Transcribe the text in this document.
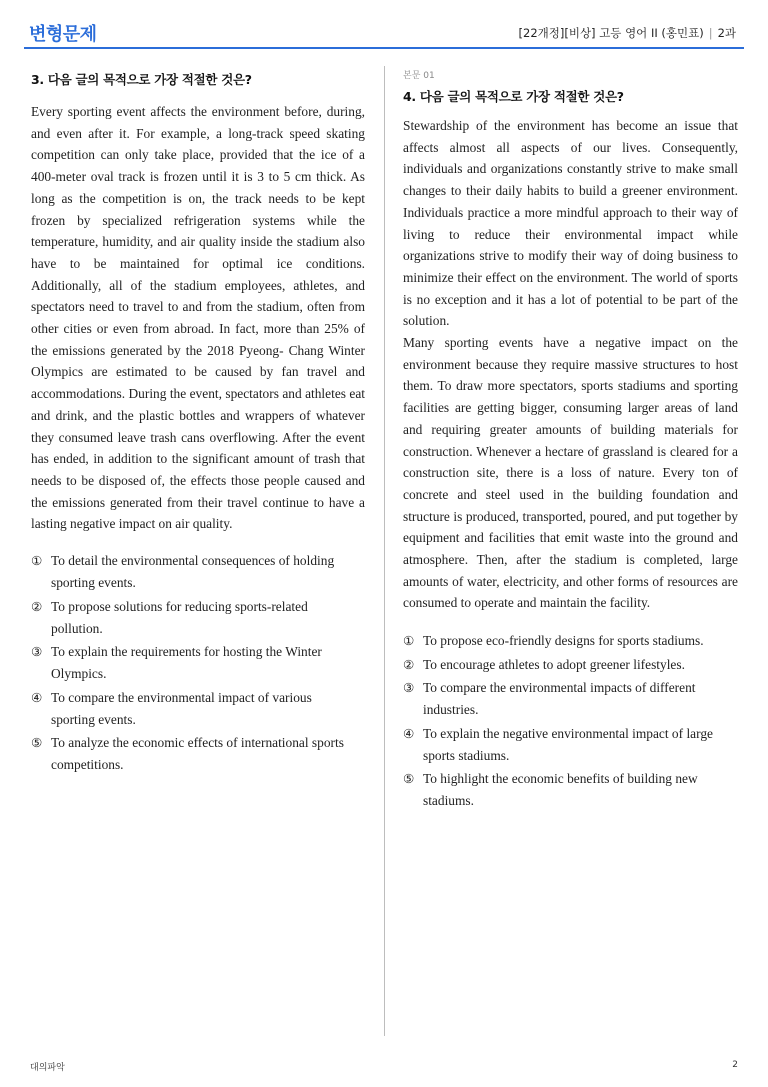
변형문제	[22개정][비상] 고등 영어 II (홍민표) | 2과
3. 다음 글의 목적으로 가장 적절한 것은?

Every sporting event affects the environment before, during, and even after it. For example, a long-track speed skating competition can only take place, provided that the ice of a 400-meter oval track is frozen until it is 3 to 5 cm thick. As long as the competition is on, the track needs to be kept frozen by specialized refrigeration systems while the temperature, humidity, and air quality inside the stadium also have to be maintained for optimal ice conditions. Additionally, all of the stadium employees, athletes, and spectators need to travel to and from the stadium, often from other cities or even from abroad. In fact, more than 25% of the emissions generated by the 2018 Pyeong- Chang Winter Olympics are estimated to be caused by fan travel and accommodations. During the event, spectators and athletes eat and drink, and the plastic bottles and wrappers of whatever they consumed leave trash cans overflowing. After the event has ended, in addition to the significant amount of trash that needs to be disposed of, the effects those people caused and the emissions generated from their travel continue to have a lasting negative impact on air quality.

① To detail the environmental consequences of holding sporting events.
② To propose solutions for reducing sports-related pollution.
③ To explain the requirements for hosting the Winter Olympics.
④ To compare the environmental impact of various sporting events.
⑤ To analyze the economic effects of international sports competitions.
본문 01
4. 다음 글의 목적으로 가장 적절한 것은?

Stewardship of the environment has become an issue that affects almost all aspects of our lives. Consequently, individuals and organizations constantly strive to make small changes to their daily habits to build a greener environment. Individuals practice a more mindful approach to their way of living to reduce their environmental impact while organizations strive to modify their way of doing business to minimize their effect on the environment. The world of sports is no exception and it has a lot of potential to be part of the solution.

Many sporting events have a negative impact on the environment because they require massive structures to host them. To draw more spectators, sports stadiums and sporting facilities are getting bigger, consuming larger areas of land and requiring greater amounts of building materials for construction. Whenever a hectare of grassland is cleared for a construction site, there is a loss of nature. Every ton of concrete and steel used in the building foundation and structure is produced, transported, poured, and put together by equipment and facilities that emit waste into the ground and atmosphere. Then, after the stadium is completed, large amounts of water, electricity, and other forms of resources are consumed to operate and maintain the facility.

① To propose eco-friendly designs for sports stadiums.
② To encourage athletes to adopt greener lifestyles.
③ To compare the environmental impacts of different industries.
④ To explain the negative environmental impact of large sports stadiums.
⑤ To highlight the economic benefits of building new stadiums.
대의파악	2
